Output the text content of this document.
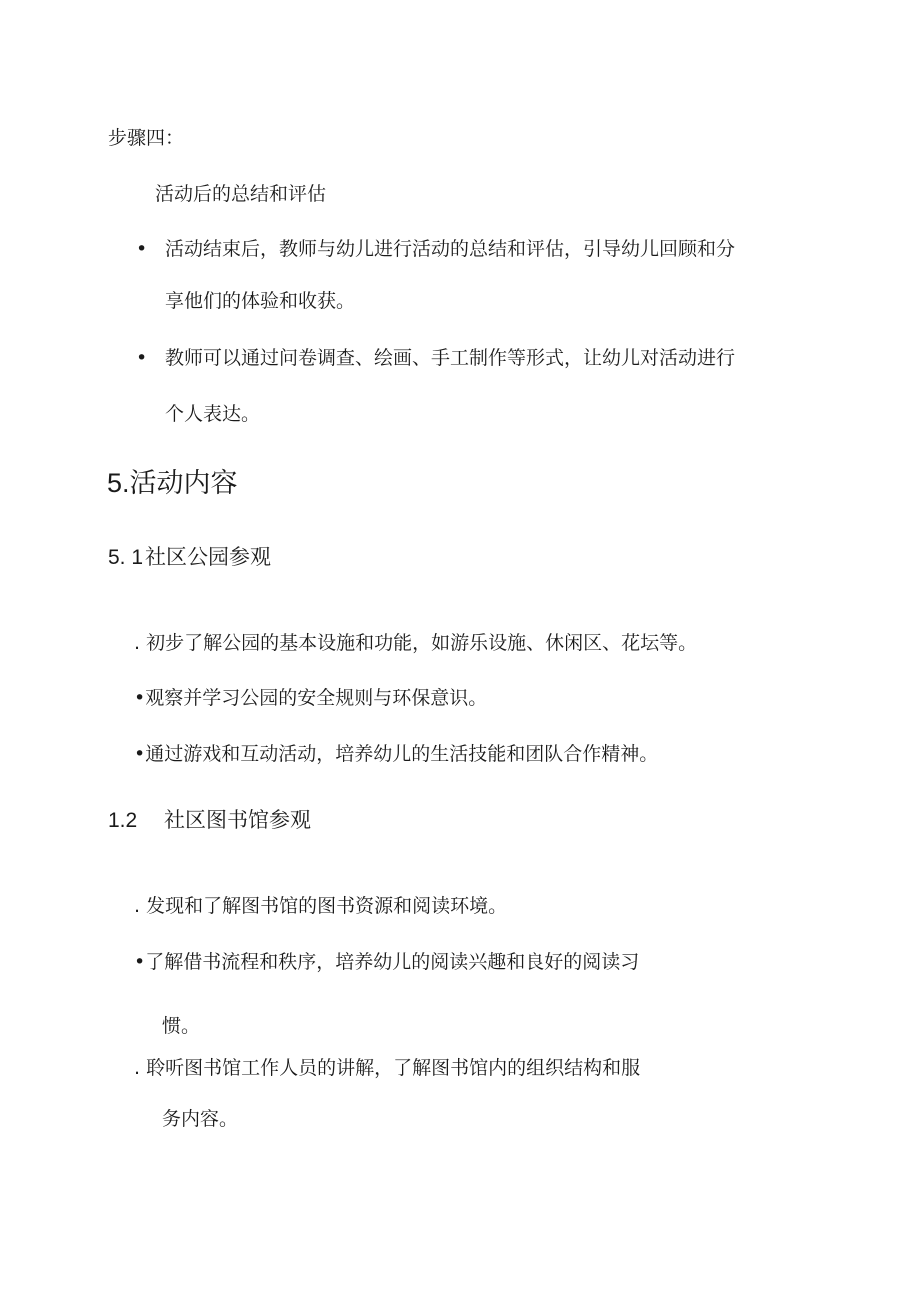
步骤四：
活动后的总结和评估
• 活动结束后，教师与幼儿进行活动的总结和评估，引导幼儿回顾和分
享他们的体验和收获。
• 教师可以通过问卷调查、绘画、手工制作等形式，让幼儿对活动进行
个人表达。
5.活动内容
5. 1社区公园参观
. 初步了解公园的基本设施和功能，如游乐设施、休闲区、花坛等。
•观察并学习公园的安全规则与环保意识。
•通过游戏和互动活动，培养幼儿的生活技能和团队合作精神。
1.2 社区图书馆参观
. 发现和了解图书馆的图书资源和阅读环境。
•了解借书流程和秩序，培养幼儿的阅读兴趣和良好的阅读习
惯。
. 聆听图书馆工作人员的讲解，了解图书馆内的组织结构和服
务内容。
